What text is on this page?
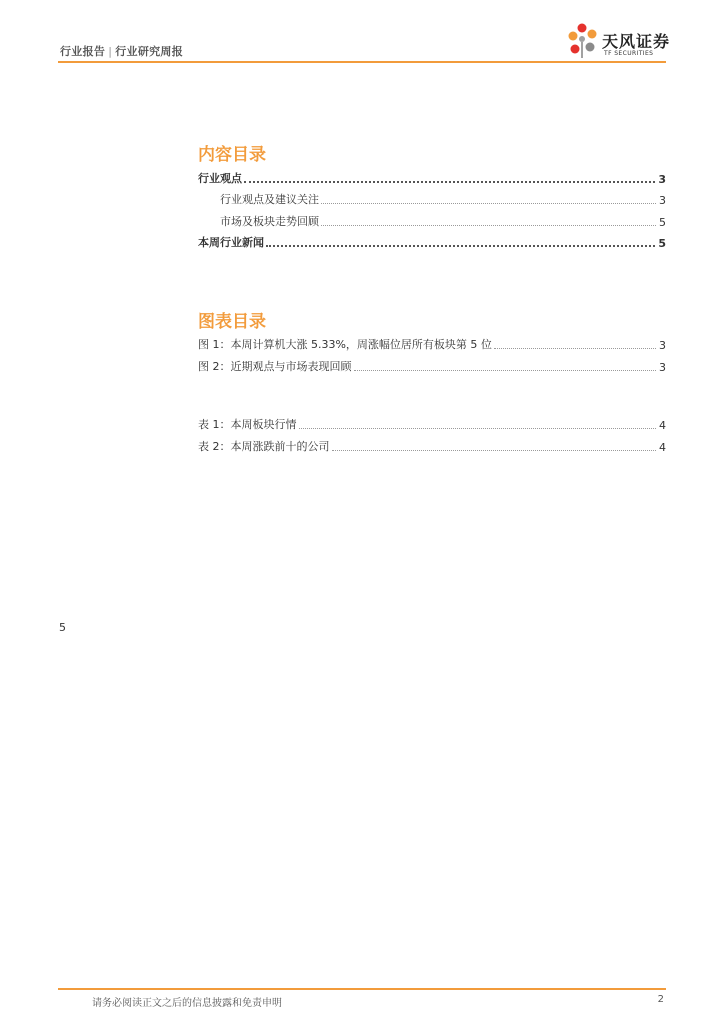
行业报告 | 行业研究周报
天风证券
TF SECURITIES
内容目录
行业观点	3
行业观点及建议关注	3
市场及板块走势回顾	5
本周行业新闻	5
图表目录
图 1：本周计算机大涨 5.33%，周涨幅位居所有板块第 5 位	3
图 2：近期观点与市场表现回顾	3
表 1：本周板块行情	4
表 2：本周涨跌前十的公司	4
5
请务必阅读正文之后的信息披露和免责申明	2
